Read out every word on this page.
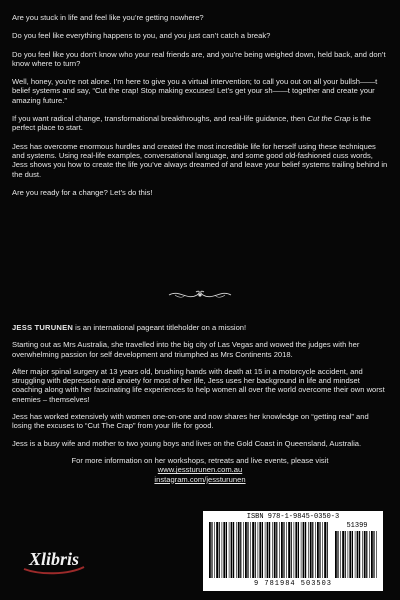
Are you stuck in life and feel like you’re getting nowhere?

Do you feel like everything happens to you, and you just can’t catch a break?

Do you feel like you don’t know who your real friends are, and you’re being weighed down, held back, and don’t know where to turn?

Well, honey, you’re not alone. I’m here to give you a virtual intervention; to call you out on all your bullsh——t belief systems and say, “Cut the crap! Stop making excuses! Let’s get your sh——t together and create your amazing future.”

If you want radical change, transformational breakthroughs, and real-life guidance, then Cut the Crap is the perfect place to start.

Jess has overcome enormous hurdles and created the most incredible life for herself using these techniques and systems. Using real-life examples, conversational language, and some good old-fashioned cuss words, Jess shows you how to create the life you’ve always dreamed of and leave your belief systems trailing behind in the dust.

Are you ready for a change? Let’s do this!

JESS TURUNEN is an international pageant titleholder on a mission!

Starting out as Mrs Australia, she travelled into the big city of Las Vegas and wowed the judges with her overwhelming passion for self development and triumphed as Mrs Continents 2018.

After major spinal surgery at 13 years old, brushing hands with death at 15 in a motorcycle accident, and struggling with depression and anxiety for most of her life, Jess uses her background in life and mindset coaching along with her fascinating life experiences to help women all over the world overcome their own worst enemies – themselves!

Jess has worked extensively with women one-on-one and now shares her knowledge on “getting real” and losing the excuses to “Cut The Crap” from your life for good.

Jess is a busy wife and mother to two young boys and lives on the Gold Coast in Queensland, Australia.

For more information on her workshops, retreats and live events, please visit

www.jessturunen.com.au

instagram.com/jessturunen

Xlibris
ISBN 978-1-9845-0350-3
51399
9 781984 503503
